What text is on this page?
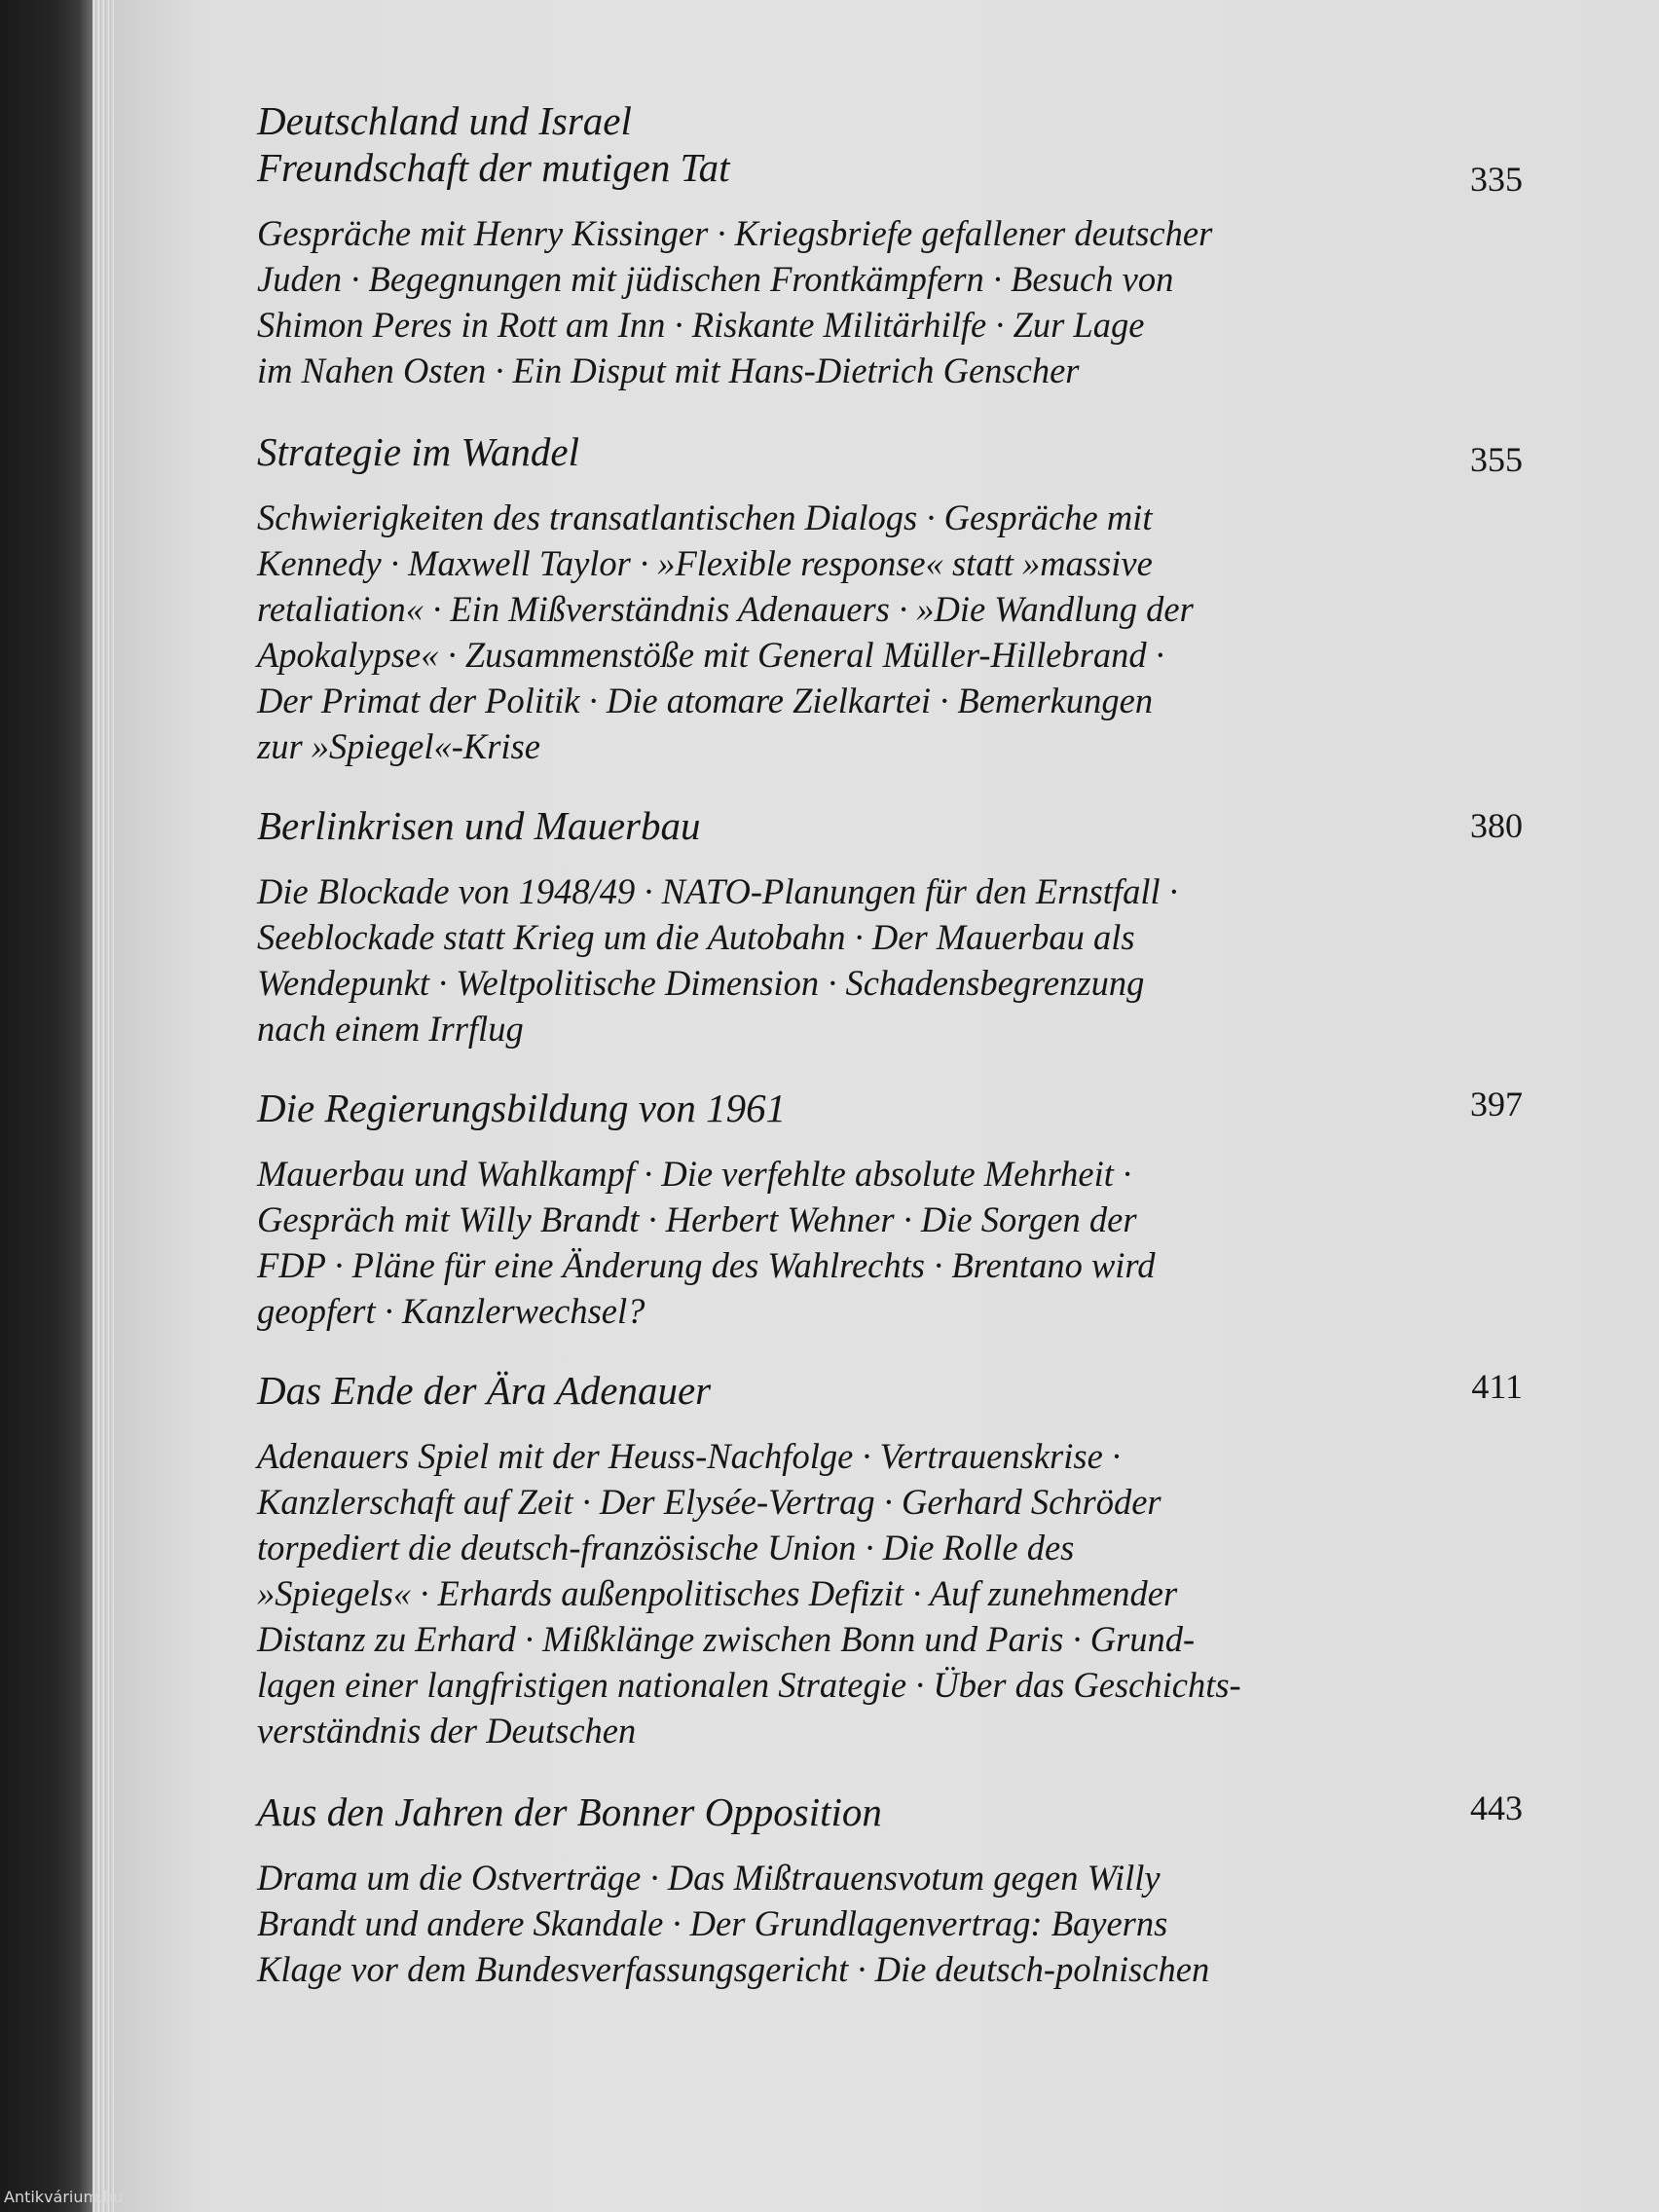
Deutschland und Israel
Freundschaft der mutigen Tat	335
Gespräche mit Henry Kissinger · Kriegsbriefe gefallener deutscher
Juden · Begegnungen mit jüdischen Frontkämpfern · Besuch von
Shimon Peres in Rott am Inn · Riskante Militärhilfe · Zur Lage
im Nahen Osten · Ein Disput mit Hans-Dietrich Genscher
Strategie im Wandel	355
Schwierigkeiten des transatlantischen Dialogs · Gespräche mit
Kennedy · Maxwell Taylor · »Flexible response« statt »massive
retaliation« · Ein Mißverständnis Adenauers · »Die Wandlung der
Apokalypse« · Zusammenstöße mit General Müller-Hillebrand ·
Der Primat der Politik · Die atomare Zielkartei · Bemerkungen
zur »Spiegel«-Krise
Berlinkrisen und Mauerbau	380
Die Blockade von 1948/49 · NATO-Planungen für den Ernstfall ·
Seeblockade statt Krieg um die Autobahn · Der Mauerbau als
Wendepunkt · Weltpolitische Dimension · Schadensbegrenzung
nach einem Irrflug
Die Regierungsbildung von 1961	397
Mauerbau und Wahlkampf · Die verfehlte absolute Mehrheit ·
Gespräch mit Willy Brandt · Herbert Wehner · Die Sorgen der
FDP · Pläne für eine Änderung des Wahlrechts · Brentano wird
geopfert · Kanzlerwechsel?
Das Ende der Ära Adenauer	411
Adenauers Spiel mit der Heuss-Nachfolge · Vertrauenskrise ·
Kanzlerschaft auf Zeit · Der Elysée-Vertrag · Gerhard Schröder
torpediert die deutsch-französische Union · Die Rolle des
»Spiegels« · Erhards außenpolitisches Defizit · Auf zunehmender
Distanz zu Erhard · Mißklänge zwischen Bonn und Paris · Grund-
lagen einer langfristigen nationalen Strategie · Über das Geschichts-
verständnis der Deutschen
Aus den Jahren der Bonner Opposition	443
Drama um die Ostverträge · Das Mißtrauensvotum gegen Willy
Brandt und andere Skandale · Der Grundlagenvertrag: Bayerns
Klage vor dem Bundesverfassungsgericht · Die deutsch-polnischen
Antikvárium.hu
